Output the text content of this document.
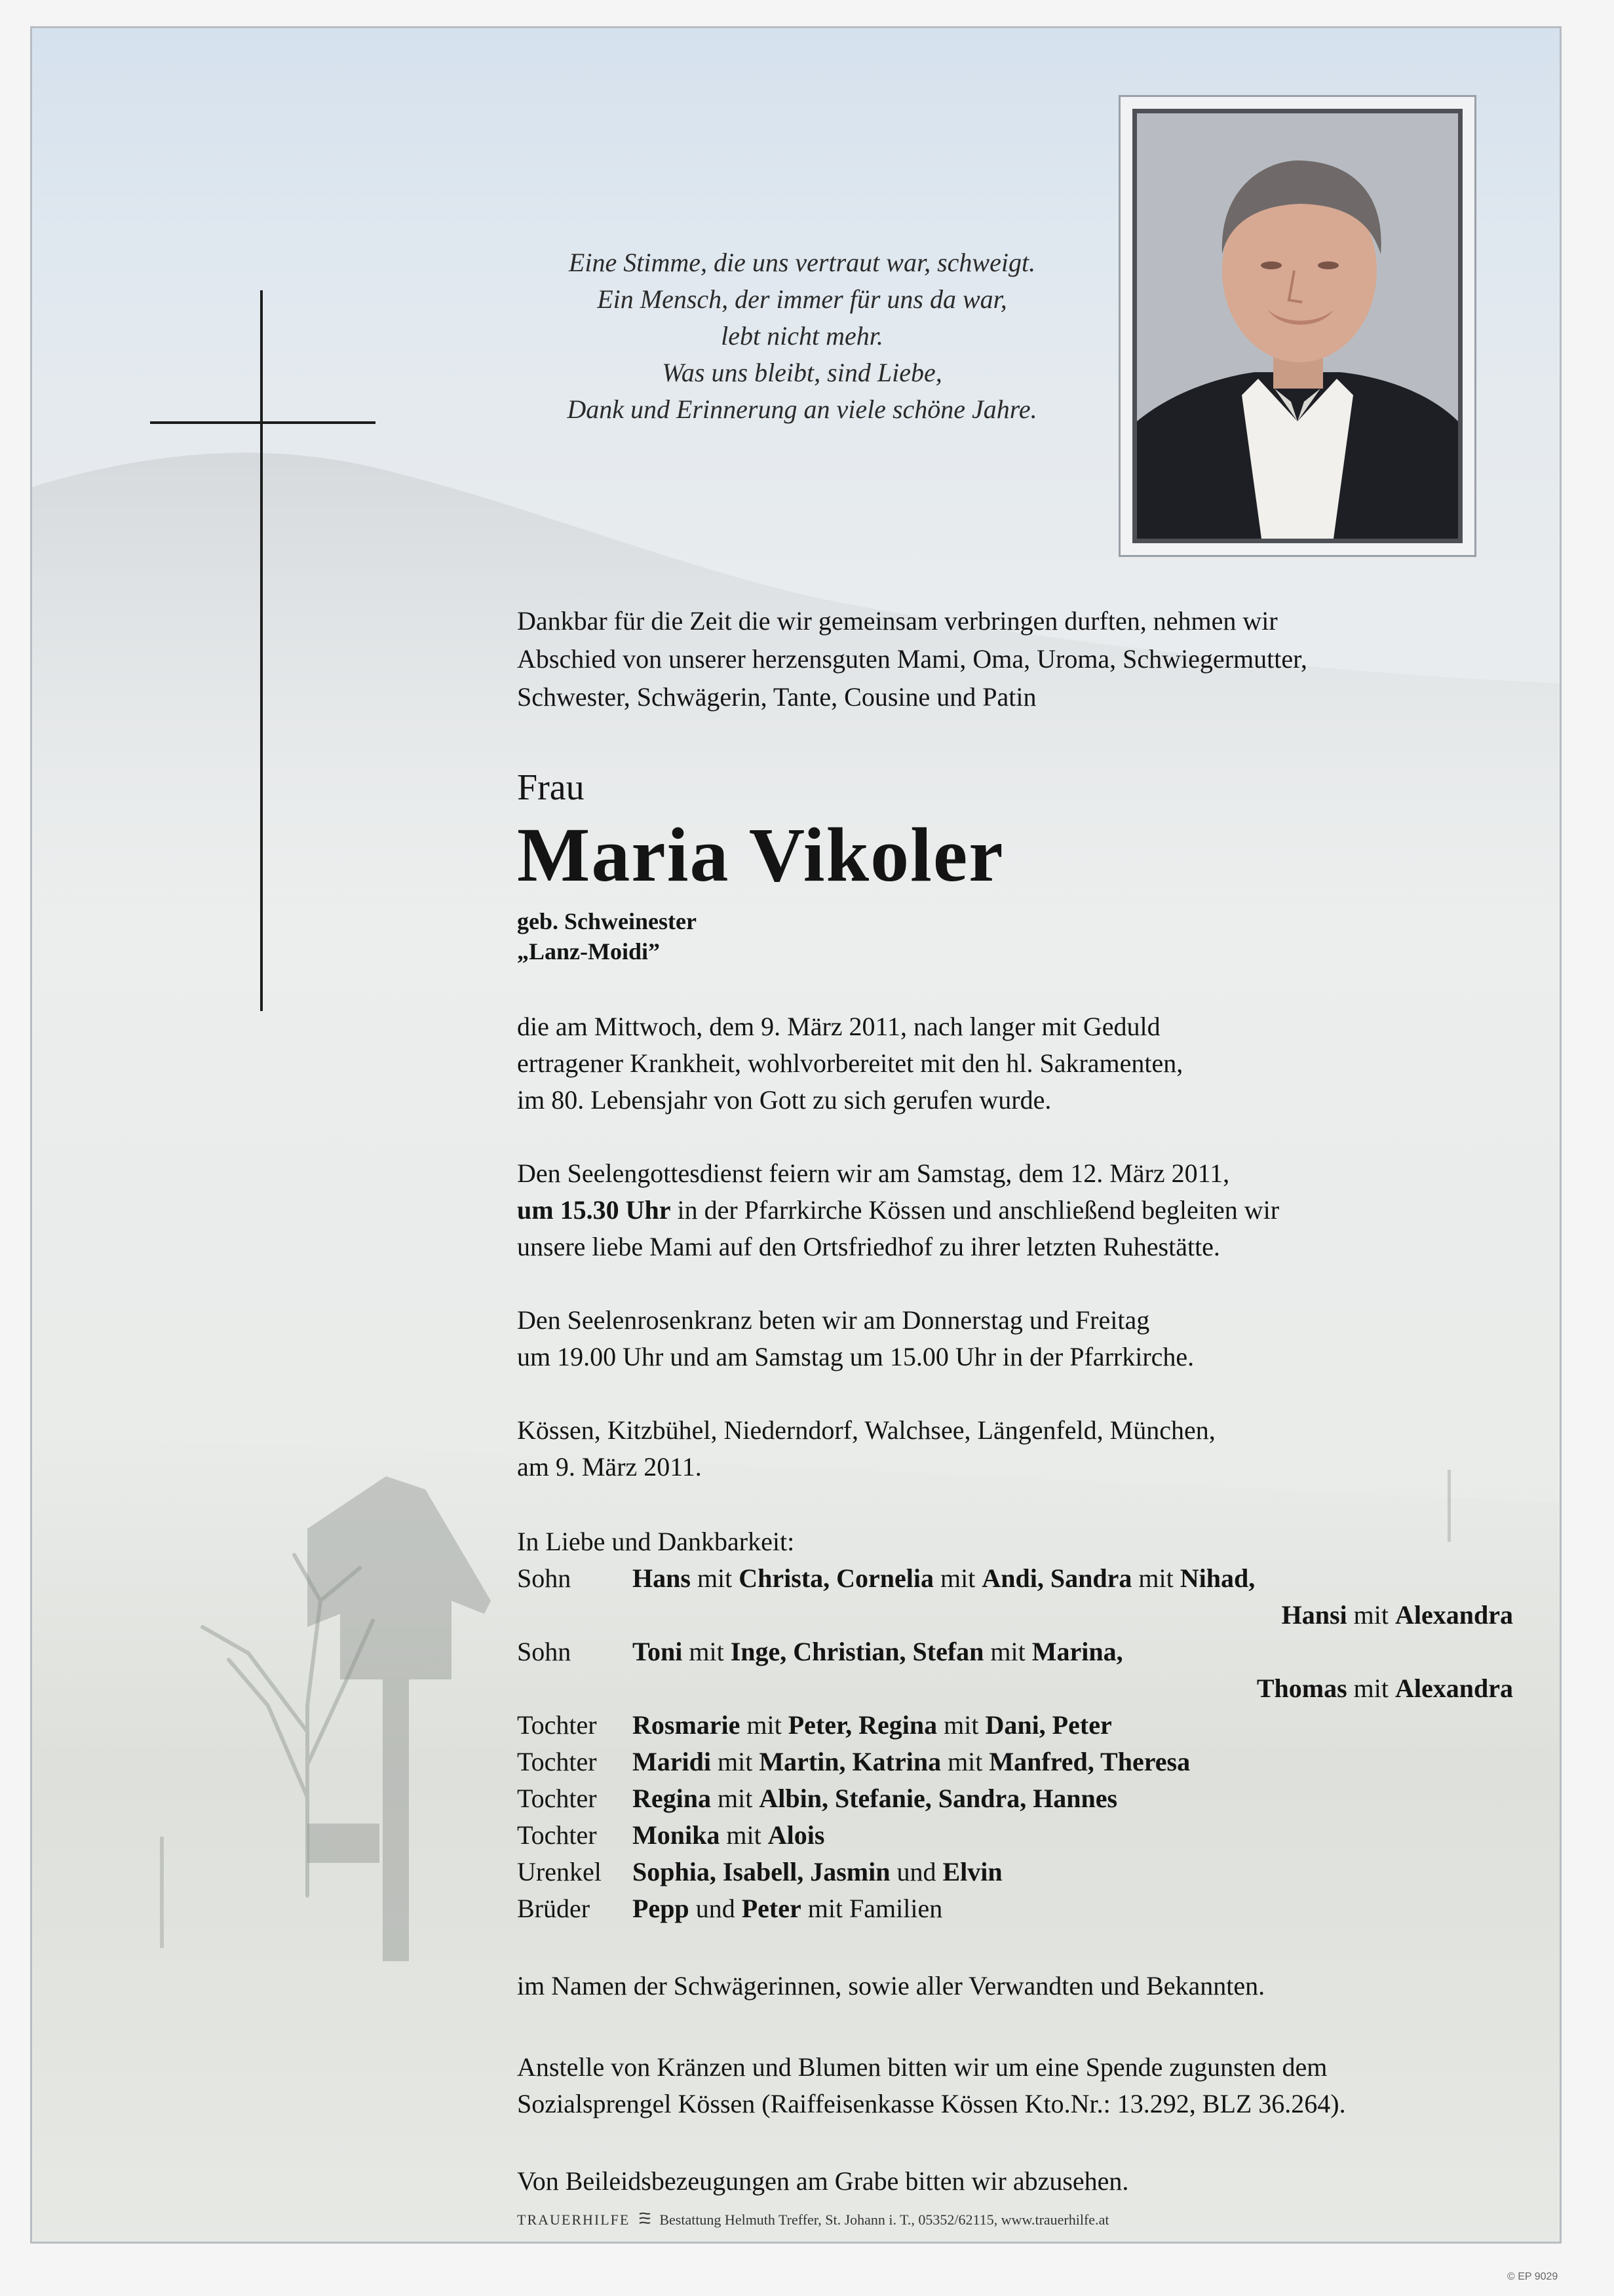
Eine Stimme, die uns vertraut war, schweigt.
Ein Mensch, der immer für uns da war,
lebt nicht mehr.
Was uns bleibt, sind Liebe,
Dank und Erinnerung an viele schöne Jahre.
Dankbar für die Zeit die wir gemeinsam verbringen durften, nehmen wir
Abschied von unserer herzensguten Mami, Oma, Uroma, Schwiegermutter,
Schwester, Schwägerin, Tante, Cousine und Patin
Frau
Maria Vikoler
geb. Schweinester
„Lanz-Moidi”
die am Mittwoch, dem 9. März 2011, nach langer mit Geduld
ertragener Krankheit, wohlvorbereitet mit den hl. Sakramenten,
im 80. Lebensjahr von Gott zu sich gerufen wurde.
Den Seelengottesdienst feiern wir am Samstag, dem 12. März 2011,
um 15.30 Uhr in der Pfarrkirche Kössen und anschließend begleiten wir
unsere liebe Mami auf den Ortsfriedhof zu ihrer letzten Ruhestätte.
Den Seelenrosenkranz beten wir am Donnerstag und Freitag
um 19.00 Uhr und am Samstag um 15.00 Uhr in der Pfarrkirche.
Kössen, Kitzbühel, Niederndorf, Walchsee, Längenfeld, München,
am 9. März 2011.
In Liebe und Dankbarkeit:
Sohn Hans mit Christa, Cornelia mit Andi, Sandra mit Nihad,
Hansi mit Alexandra
Sohn Toni mit Inge, Christian, Stefan mit Marina,
Thomas mit Alexandra
Tochter Rosmarie mit Peter, Regina mit Dani, Peter
Tochter Maridi mit Martin, Katrina mit Manfred, Theresa
Tochter Regina mit Albin, Stefanie, Sandra, Hannes
Tochter Monika mit Alois
Urenkel Sophia, Isabell, Jasmin und Elvin
Brüder Pepp und Peter mit Familien
im Namen der Schwägerinnen, sowie aller Verwandten und Bekannten.
Anstelle von Kränzen und Blumen bitten wir um eine Spende zugunsten dem
Sozialsprengel Kössen (Raiffeisenkasse Kössen Kto.Nr.: 13.292, BLZ 36.264).
Von Beileidsbezeugungen am Grabe bitten wir abzusehen.
TRAUERHILFE Bestattung Helmuth Treffer, St. Johann i. T., 05352/62115, www.trauerhilfe.at
© EP 9029
